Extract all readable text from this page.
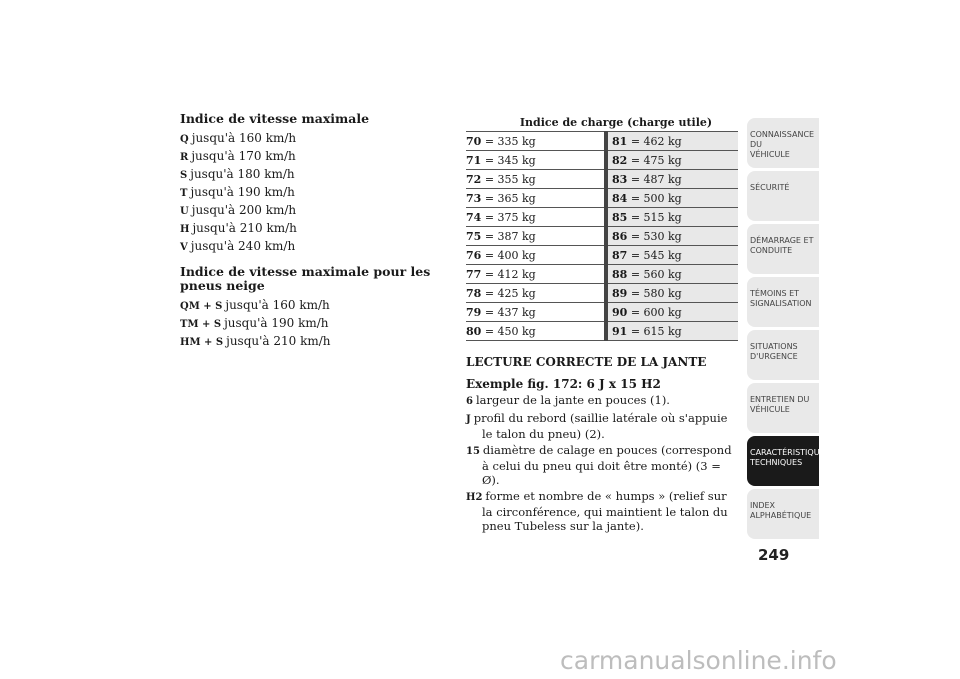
Indice de vitesse maximale
Q jusqu'à 160 km/h
R jusqu'à 170 km/h
S jusqu'à 180 km/h
T jusqu'à 190 km/h
U jusqu'à 200 km/h
H jusqu'à 210 km/h
V jusqu'à 240 km/h
Indice de vitesse maximale pour les pneus neige
QM + S jusqu'à 160 km/h
TM + S jusqu'à 190 km/h
HM + S jusqu'à 210 km/h
Indice de charge (charge utile)
70 = 335 kg	81 = 462 kg
71 = 345 kg	82 = 475 kg
72 = 355 kg	83 = 487 kg
73 = 365 kg	84 = 500 kg
74 = 375 kg	85 = 515 kg
75 = 387 kg	86 = 530 kg
76 = 400 kg	87 = 545 kg
77 = 412 kg	88 = 560 kg
78 = 425 kg	89 = 580 kg
79 = 437 kg	90 = 600 kg
80 = 450 kg	91 = 615 kg
LECTURE CORRECTE DE LA JANTE
Exemple fig. 172: 6 J x 15 H2
6 largeur de la jante en pouces (1).
J profil du rebord (saillie latérale où s'appuie le talon du pneu) (2).
15 diamètre de calage en pouces (correspond à celui du pneu qui doit être monté) (3 = Ø).
H2 forme et nombre de « humps » (relief sur la circonférence, qui maintient le talon du pneu Tubeless sur la jante).
CONNAISSANCE DU
VÉHICULE
SÉCURITÉ
DÉMARRAGE ET
CONDUITE
TÉMOINS ET
SIGNALISATION
SITUATIONS
D'URGENCE
ENTRETIEN DU
VÉHICULE
CARACTÉRISTIQUES
TECHNIQUES
INDEX
ALPHABÉTIQUE
249
carmanualsonline.info
